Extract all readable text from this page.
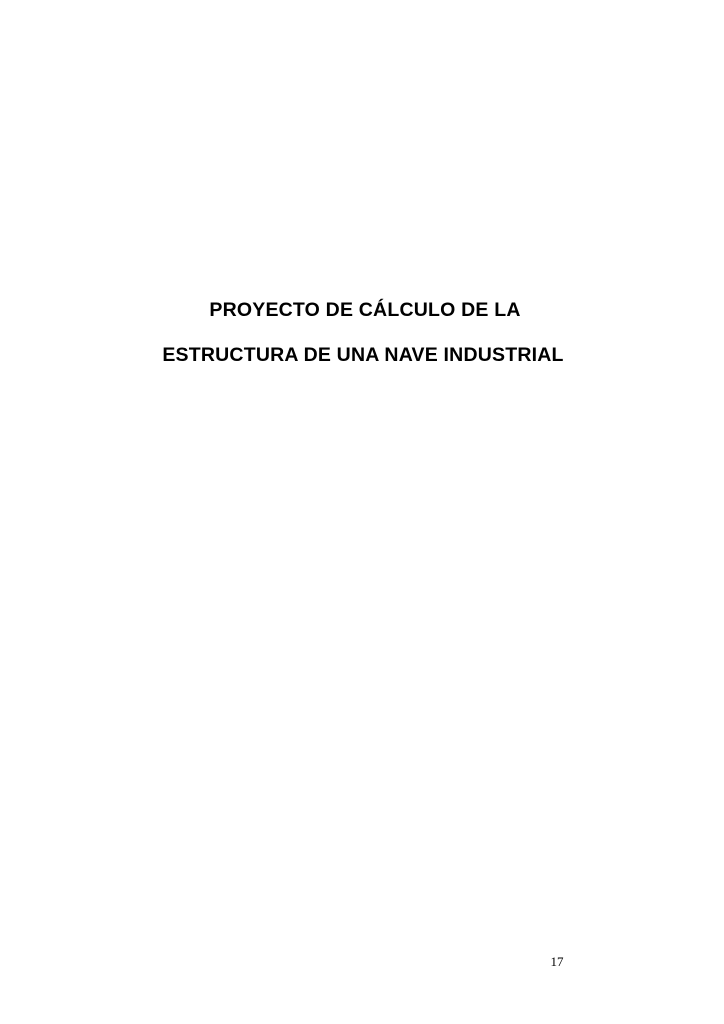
PROYECTO DE CÁLCULO DE LA
ESTRUCTURA DE UNA NAVE INDUSTRIAL
17
